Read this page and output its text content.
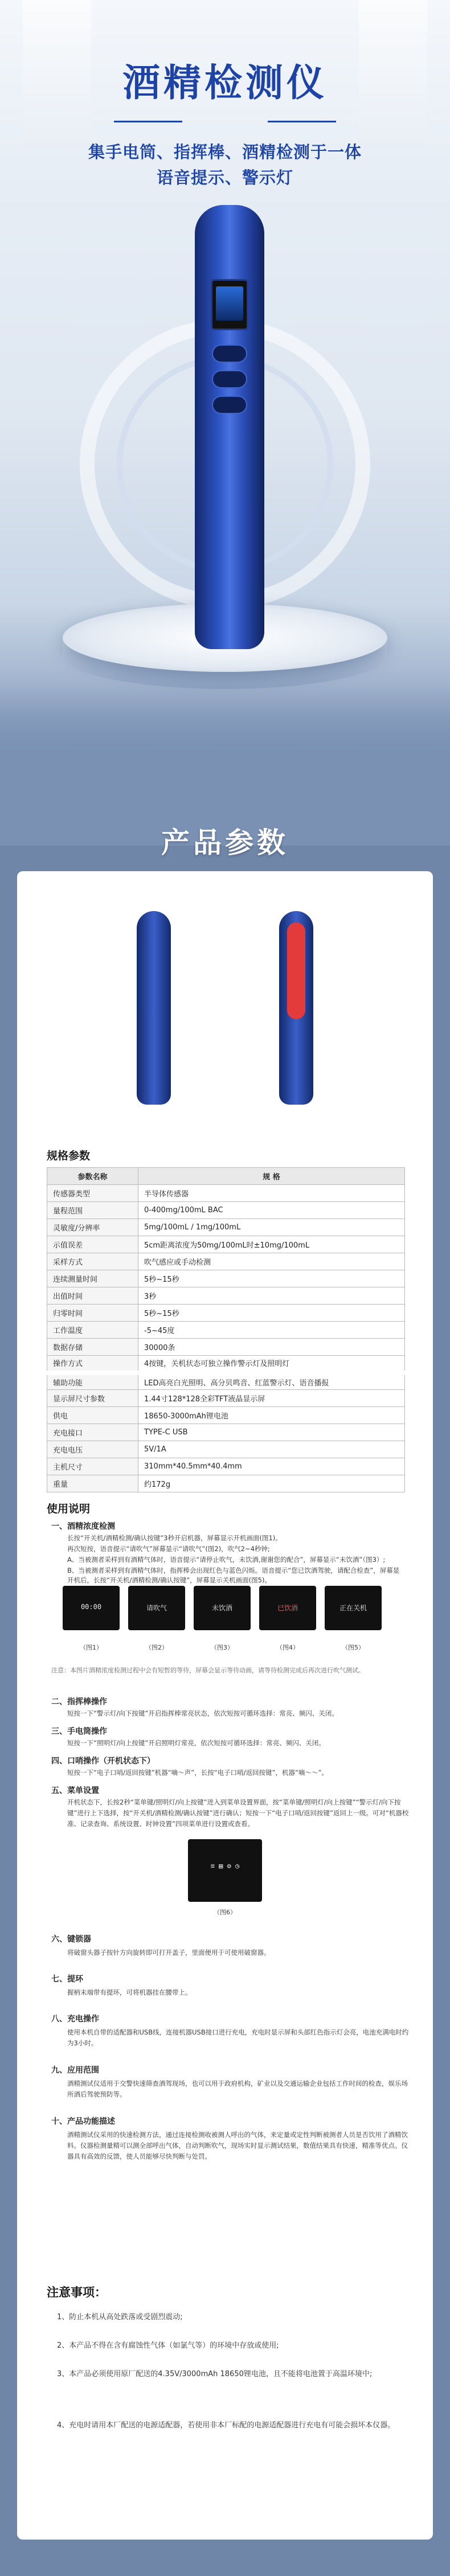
酒精检测仪
集手电筒、指挥棒、酒精检测于一体
语音提示、警示灯
产品参数
规格参数
参数名称	规 格
传感器类型	半导体传感器
量程范围	0-400mg/100mL BAC
灵敏度/分辨率	5mg/100mL / 1mg/100mL
示值误差	5cm距离浓度为50mg/100mL时±10mg/100mL
采样方式	吹气感应或手动检测
连续测量时间	5秒~15秒
出值时间	3秒
归零时间	5秒~15秒
工作温度	-5~45度
数据存储	30000条
操作方式	4按键，关机状态可独立操作警示灯及照明灯
辅助功能	LED高亮白光照明、高分贝鸣音、红蓝警示灯、语音播报
显示屏尺寸参数	1.44寸128*128全彩TFT液晶显示屏
供电	18650-3000mAh锂电池
充电接口	TYPE-C USB
充电电压	5V/1A
主机尺寸	310mm*40.5mm*40.4mm
重量	约172g
使用说明
一、酒精浓度检测
长按“开关机/酒精检测/确认按键”3秒开启机器，屏幕显示开机画面(图1)。
再次短按，语音提示“请吹气”屏幕显示“请吹气”(图2)，吹气2~4秒钟;
A、当被测者采样到有酒精气体时，语音提示“请停止吹气，未饮酒,谢谢您的配合”，屏幕显示“未饮酒”（图3）;
B、当被测者采样到有酒精气体时，指挥棒会出现红色与蓝色闪烁。语音提示“您已饮酒驾驶，请配合检查”，屏幕显
开机后，长按“开关机/酒精检测/确认按键”，屏幕显示关机画面(图5)。
00:00	请吹气	未饮酒	已饮酒	正在关机
（图1）	（图2）	（图3）	（图4）	（图5）
注意：本图片酒精浓度检测过程中会有短暂的等待，屏幕会显示等待动画，请等待检测完成后再次进行吹气测试。
二、指挥棒操作
短按一下“警示灯/向下按键”开启指挥棒常亮状态，依次短按可循环选择：常亮、频闪、关闭。
三、手电筒操作
短按一下“照明灯/向上按键”开启照明灯常亮，依次短按可循环选择：常亮、频闪、关闭。
四、口哨操作（开机状态下）
短按一下“电子口哨/返回按键”机器“嘀～声”，长按“电子口哨/返回按键”，机器“嘀～～”。
五、菜单设置
开机状态下，长按2秒“菜单键/照明灯/向上按键”进入到菜单设置界面，按“菜单键/照明灯/向上按键”“警示灯/向下按键”进行上下选择，按“开关机/酒精检测/确认按键”进行确认；短按一下“电子口哨/返回按键”返回上一级。可对“机器校准、记录查询、系统设置、时钟设置”四项菜单进行设置或查看。
≡ ▤ ⚙ ◷
（图6）
六、键锁器
将破窗头器子按针方向旋转即可打开盖子，里面便用于可使用破窗器。
七、提环
握柄末端带有提环，可将机器挂在腰带上。
八、充电操作
使用本机自带的适配器和USB线，连接机器USB接口进行充电，充电时显示屏和头部红色指示灯会亮，电池充满电时约为3小时。
九、应用范围
酒精测试仪适用于交警快速筛查酒驾现场，也可以用于政府机构，矿业以及交通运输企业包括工作时间的检查，娱乐场所酒后驾驶预防等。
十、产品功能描述
酒精测试仪采用的快速检测方法，通过连接检测收被测人呼出的气体，来定量或定性判断被测者人员是否饮用了酒精饮料。仪器检测量精可以测全部呼出气体，自动判断吹气，现场实时显示测试结果，数值结果具有快速，精准等优点。仪器具有高效的反馈，使人员能够尽快判断与处罚。
注意事项：
1、防止本机从高处跌落或受剧烈震动;
2、本产品不得在含有腐蚀性气体（如氯气等）的环境中存放或使用;
3、本产品必须使用原厂配送的4.35V/3000mAh 18650锂电池，且不能将电池置于高温环境中;
4、充电时请用本厂配送的电源适配器，若使用非本厂标配的电源适配器进行充电有可能会损坏本仪器。
